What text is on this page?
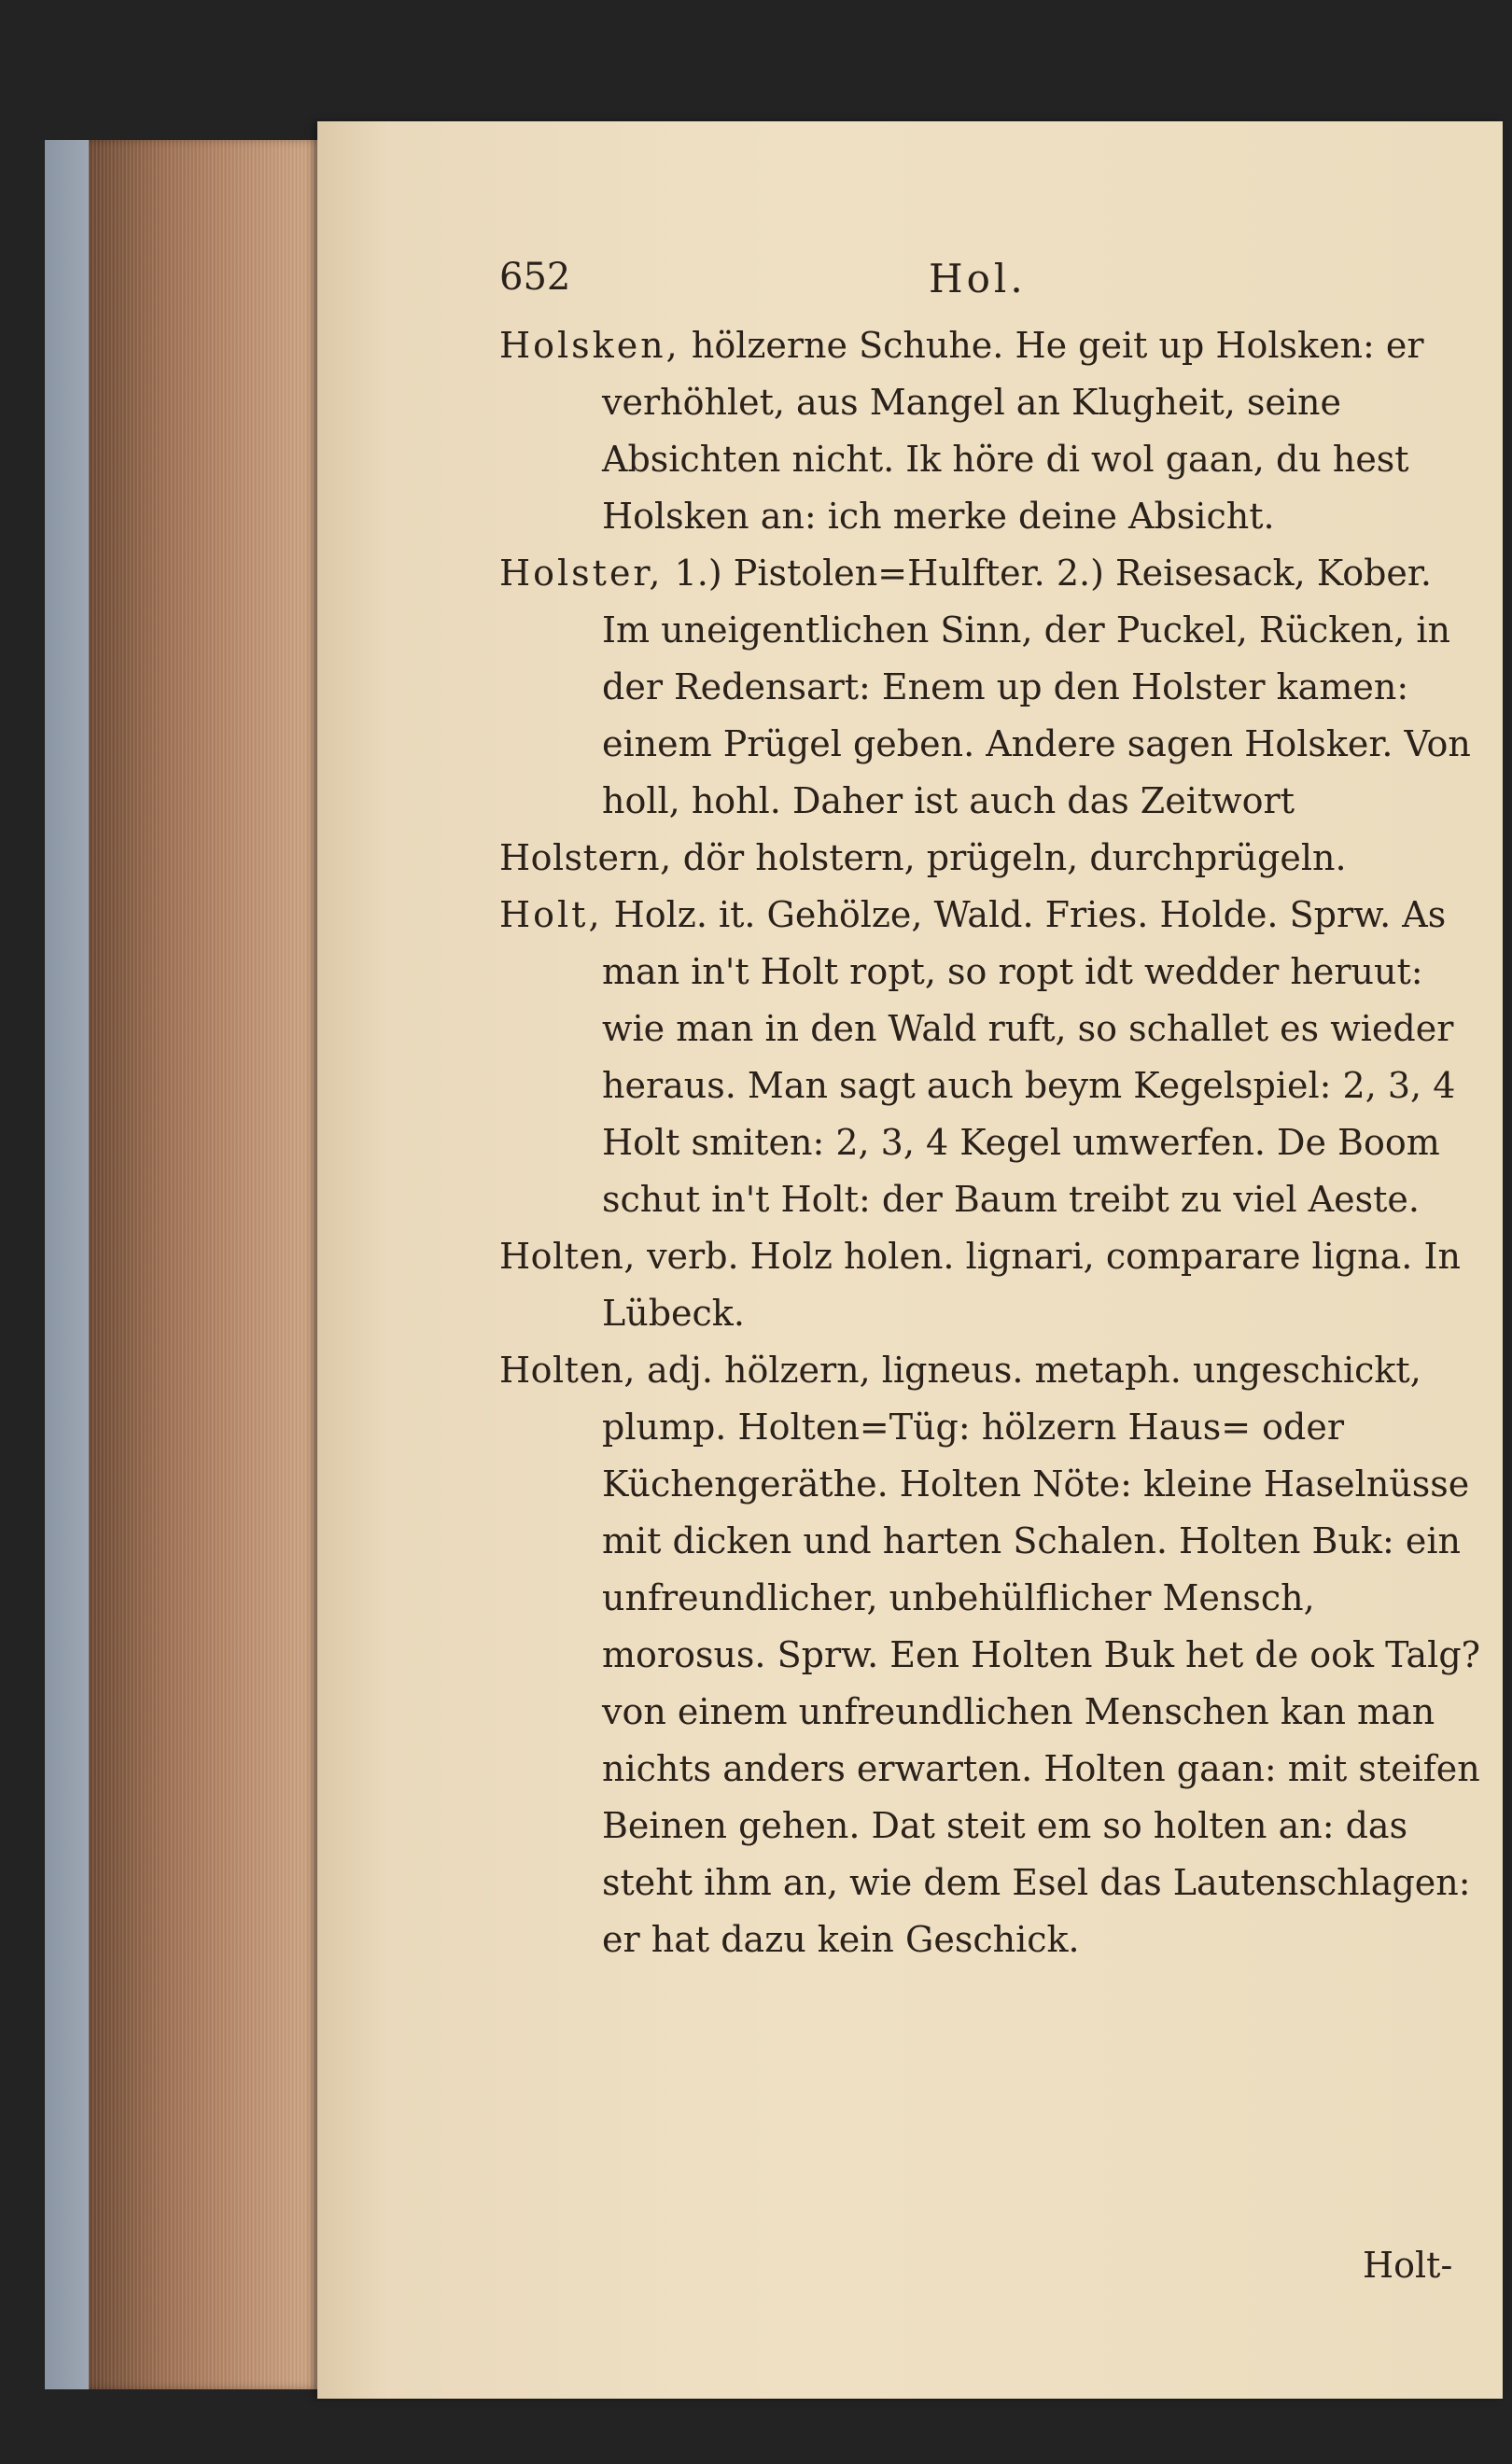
652	Hol.

Holsken, hölzerne Schuhe. He geit up Holsken: er verhöhlet, aus Mangel an Klugheit, seine Absichten nicht. Ik höre di wol gaan, du hest Holsken an: ich merke deine Absicht.

Holster, 1.) Pistolen=Hulfter. 2.) Reisesack, Kober. Im uneigentlichen Sinn, der Puckel, Rücken, in der Redensart: Enem up den Holster kamen: einem Prügel geben. Andere sagen Holsker. Von holl, hohl. Daher ist auch das Zeitwort

Holstern, dör holstern, prügeln, durchprügeln.

Holt, Holz. it. Gehölze, Wald. Fries. Holde. Sprw. As man in't Holt ropt, so ropt idt wedder heruut: wie man in den Wald ruft, so schallet es wieder heraus. Man sagt auch beym Kegelspiel: 2, 3, 4 Holt smiten: 2, 3, 4 Kegel umwerfen. De Boom schut in't Holt: der Baum treibt zu viel Aeste.

Holten, verb. Holz holen. lignari, comparare ligna. In Lübeck.

Holten, adj. hölzern, ligneus. metaph. ungeschickt, plump. Holten=Tüg: hölzern Haus= oder Küchengeräthe. Holten Nöte: kleine Haselnüsse mit dicken und harten Schalen. Holten Buk: ein unfreundlicher, unbehülflicher Mensch, morosus. Sprw. Een Holten Buk het de ook Talg? von einem unfreundlichen Menschen kan man nichts anders erwarten. Holten gaan: mit steifen Beinen gehen. Dat steit em so holten an: das steht ihm an, wie dem Esel das Lautenschlagen: er hat dazu kein Geschick.

Holt-
